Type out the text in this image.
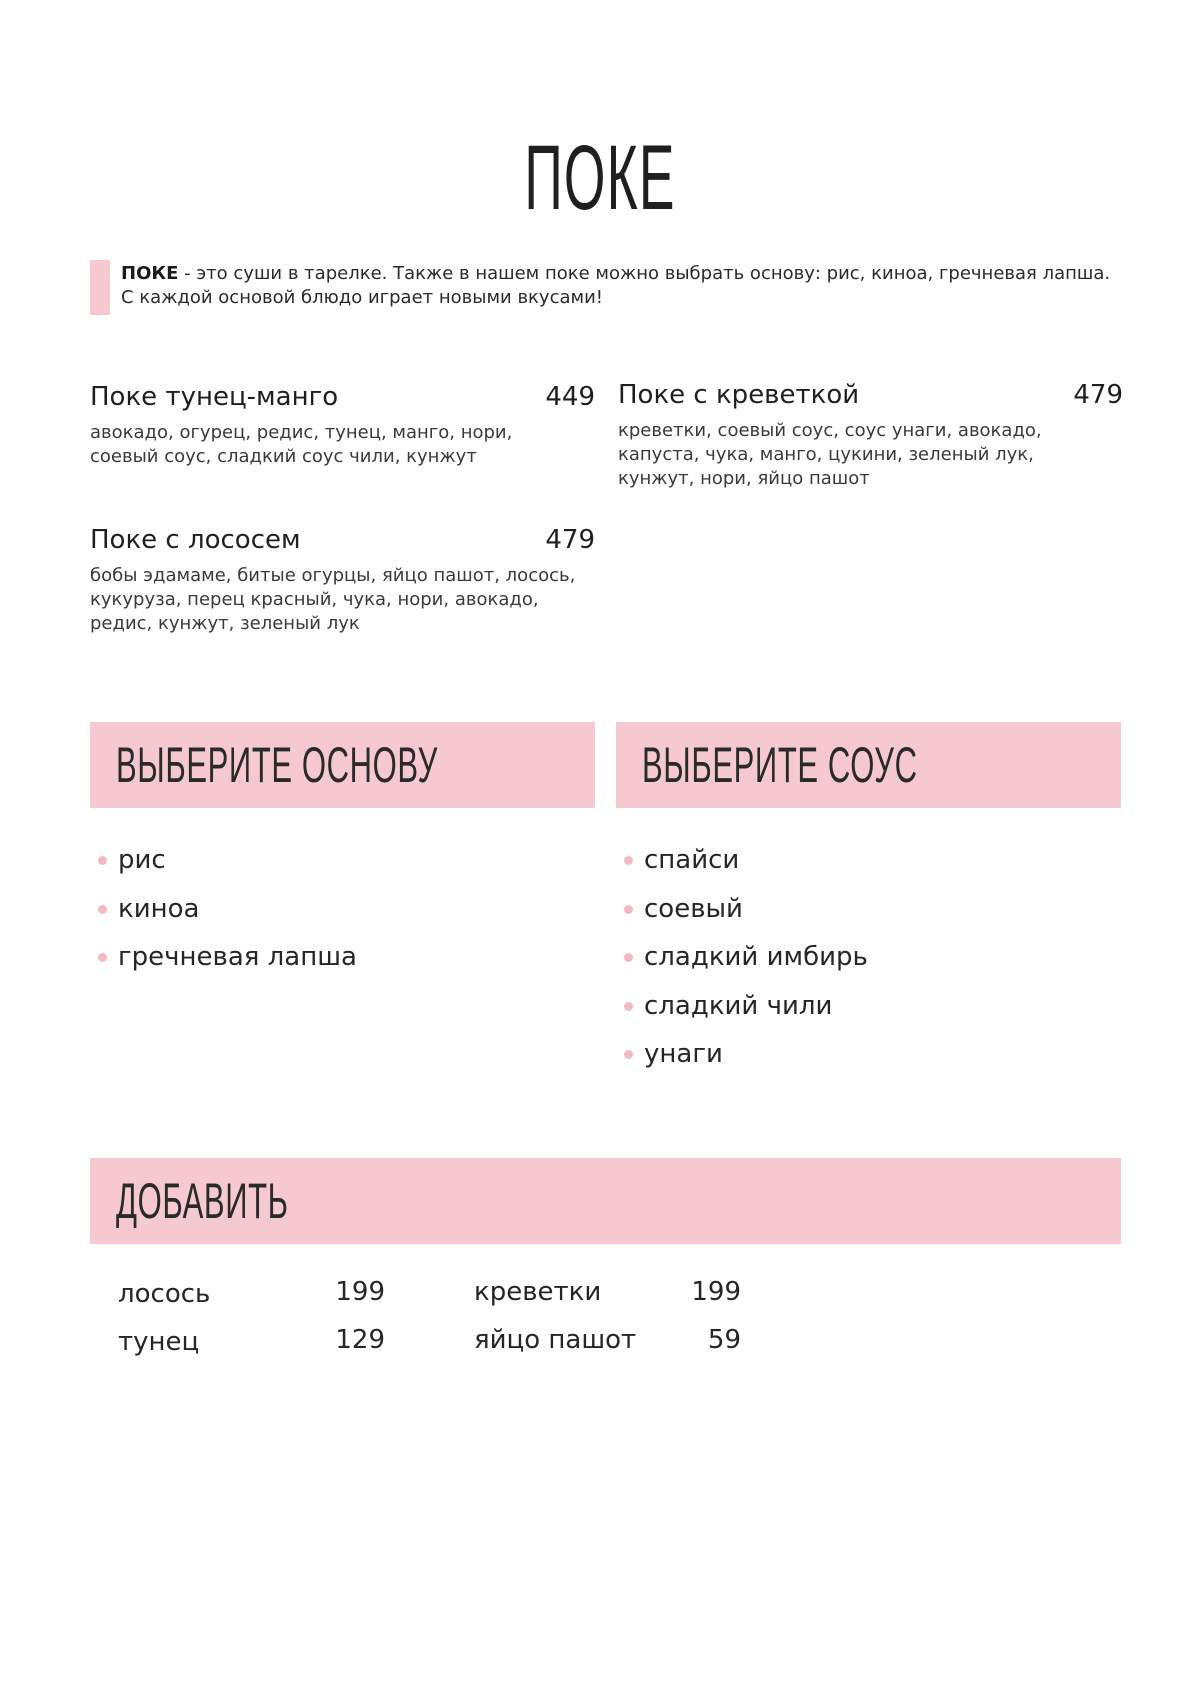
ПОКЕ
ПОКЕ - это суши в тарелке. Также в нашем поке можно выбрать основу: рис, киноа, гречневая лапша. С каждой основой блюдо играет новыми вкусами!
Поке тунец-манго	449
авокадо, огурец, редис, тунец, манго, нори, соевый соус, сладкий соус чили, кунжут
Поке с креветкой	479
креветки, соевый соус, соус унаги, авокадо, капуста, чука, манго, цукини, зеленый лук, кунжут, нори, яйцо пашот
Поке с лососем	479
бобы эдамаме, битые огурцы, яйцо пашот, лосось, кукуруза, перец красный, чука, нори, авокадо, редис, кунжут, зеленый лук
ВЫБЕРИТЕ ОСНОВУ	ВЫБЕРИТЕ СОУС
рис
киноа
гречневая лапша
спайси
соевый
сладкий имбирь
сладкий чили
унаги
ДОБАВИТЬ
лосось	199
тунец	129
креветки	199
яйцо пашот	59
